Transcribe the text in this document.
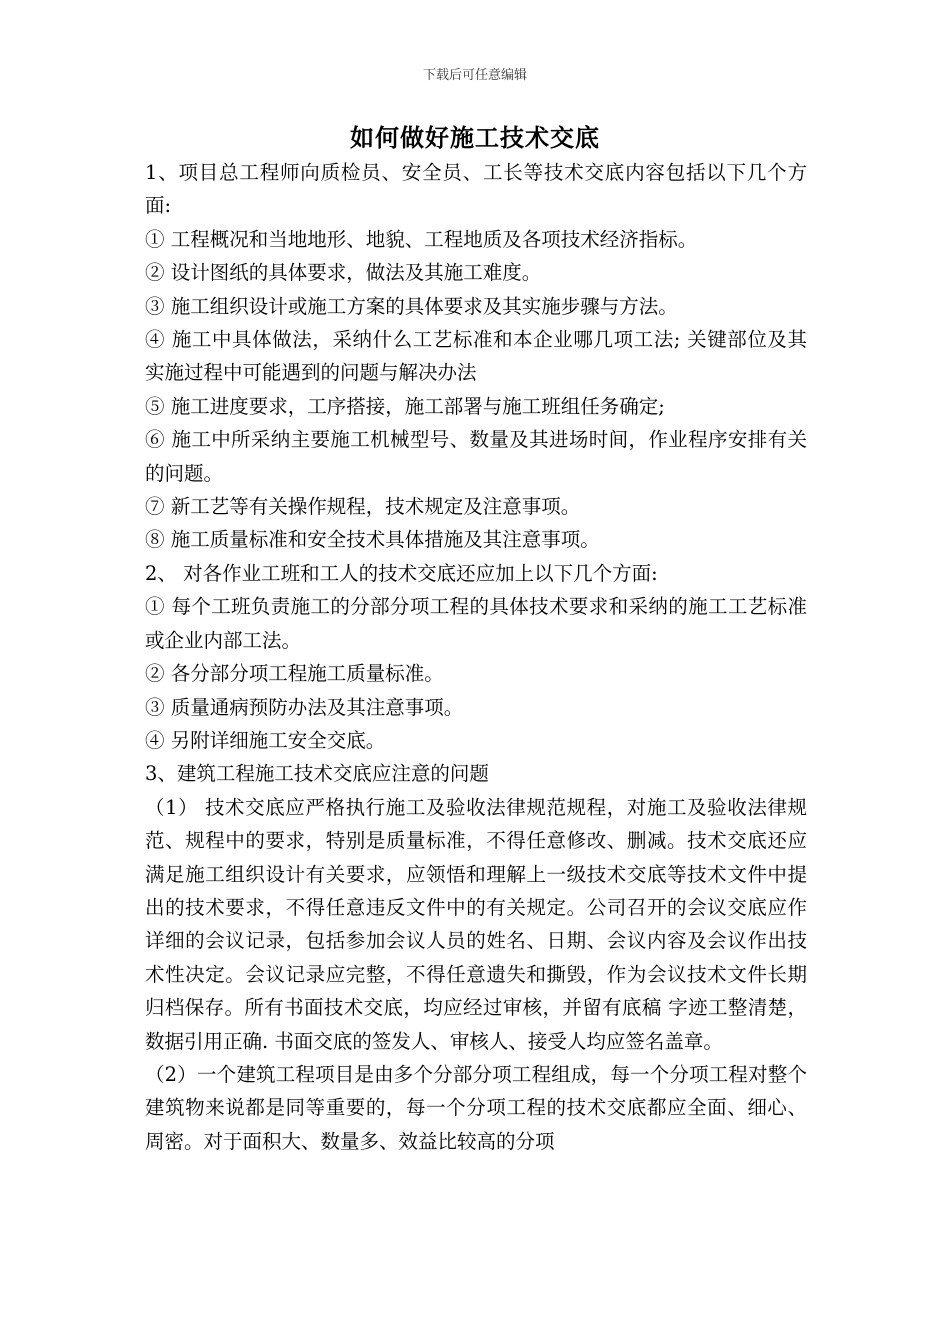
下载后可任意编辑
如何做好施工技术交底

1、项目总工程师向质检员、安全员、工长等技术交底内容包括以下几个方面:

① 工程概况和当地地形、地貌、工程地质及各项技术经济指标。

② 设计图纸的具体要求，做法及其施工难度。

③ 施工组织设计或施工方案的具体要求及其实施步骤与方法。

④ 施工中具体做法，采纳什么工艺标准和本企业哪几项工法; 关键部位及其实施过程中可能遇到的问题与解决办法

⑤ 施工进度要求，工序搭接，施工部署与施工班组任务确定;

⑥ 施工中所采纳主要施工机械型号、数量及其进场时间，作业程序安排有关的问题。

⑦ 新工艺等有关操作规程，技术规定及注意事项。

⑧ 施工质量标准和安全技术具体措施及其注意事项。

2、 对各作业工班和工人的技术交底还应加上以下几个方面:

① 每个工班负责施工的分部分项工程的具体技术要求和采纳的施工工艺标准或企业内部工法。

② 各分部分项工程施工质量标准。

③ 质量通病预防办法及其注意事项。

④ 另附详细施工安全交底。

3、建筑工程施工技术交底应注意的问题

（1） 技术交底应严格执行施工及验收法律规范规程，对施工及验收法律规范、规程中的要求，特别是质量标准，不得任意修改、删减。技术交底还应满足施工组织设计有关要求，应领悟和理解上一级技术交底等技术文件中提出的技术要求，不得任意违反文件中的有关规定。公司召开的会议交底应作详细的会议记录，包括参加会议人员的姓名、日期、会议内容及会议作出技术性决定。会议记录应完整，不得任意遗失和撕毁，作为会议技术文件长期归档保存。所有书面技术交底，均应经过审核，并留有底稿 字迹工整清楚，数据引用正确. 书面交底的签发人、审核人、接受人均应签名盖章。

（2）一个建筑工程项目是由多个分部分项工程组成，每一个分项工程对整个建筑物来说都是同等重要的，每一个分项工程的技术交底都应全面、细心、周密。对于面积大、数量多、效益比较高的分项
